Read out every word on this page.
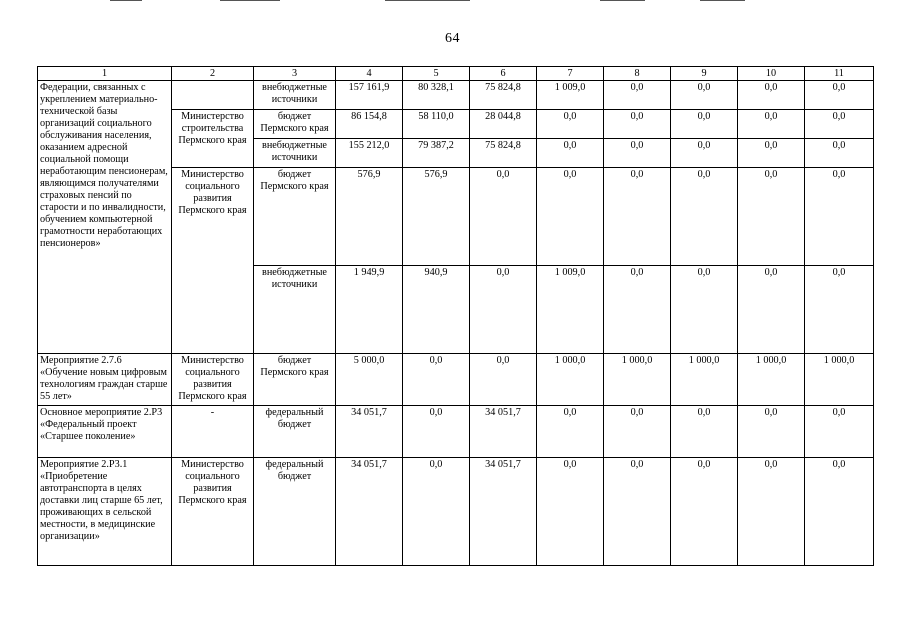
64
1	2	3	4	5	6	7	8	9	10	11
Федерации, связанных с укреплением материально-технической базы организаций социального обслуживания населения, оказанием адресной социальной помощи неработающим пенсионерам, являющимся получателями страховых пенсий по старости и по инвалидности, обучением компьютерной грамотности неработающих пенсионеров»		внебюджетные источники	157 161,9	80 328,1	75 824,8	1 009,0	0,0	0,0	0,0	0,0
	Министерство строительства Пермского края	бюджет Пермского края	86 154,8	58 110,0	28 044,8	0,0	0,0	0,0	0,0	0,0
		внебюджетные источники	155 212,0	79 387,2	75 824,8	0,0	0,0	0,0	0,0	0,0
	Министерство социального развития Пермского края	бюджет Пермского края	576,9	576,9	0,0	0,0	0,0	0,0	0,0	0,0
		внебюджетные источники	1 949,9	940,9	0,0	1 009,0	0,0	0,0	0,0	0,0
Мероприятие 2.7.6 «Обучение новым цифровым технологиям граждан старше 55 лет»	Министерство социального развития Пермского края	бюджет Пермского края	5 000,0	0,0	0,0	1 000,0	1 000,0	1 000,0	1 000,0	1 000,0
Основное мероприятие 2.P3 «Федеральный проект «Старшее поколение»	-	федеральный бюджет	34 051,7	0,0	34 051,7	0,0	0,0	0,0	0,0	0,0
Мероприятие 2.P3.1 «Приобретение автотранспорта в целях доставки лиц старше 65 лет, проживающих в сельской местности, в медицинские организации»	Министерство социального развития Пермского края	федеральный бюджет	34 051,7	0,0	34 051,7	0,0	0,0	0,0	0,0	0,0
